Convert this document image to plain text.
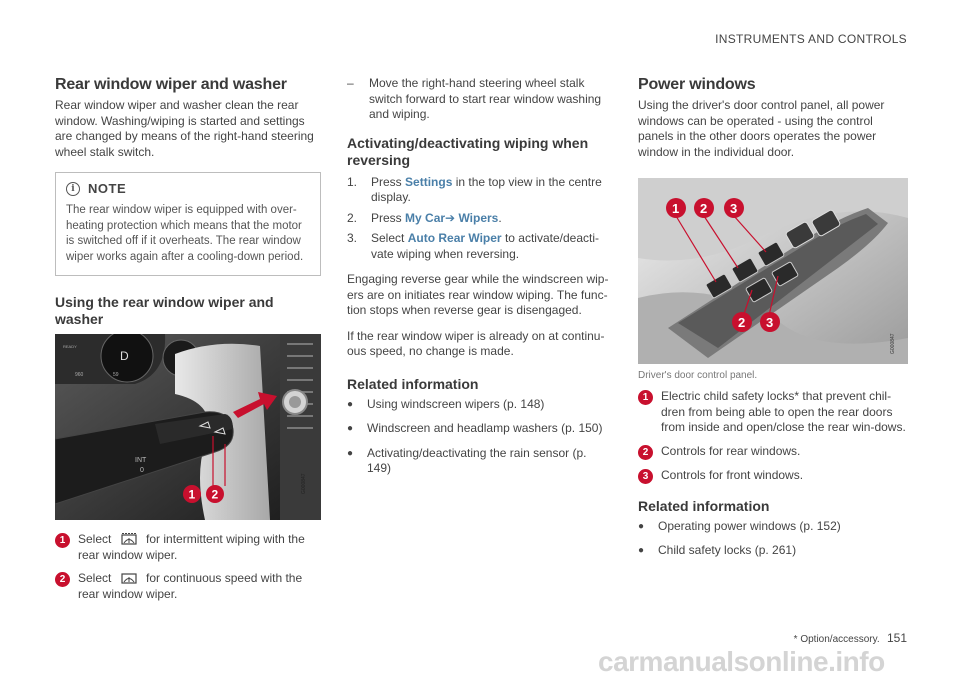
INSTRUMENTS AND CONTROLS
Rear window wiper and washer

Rear window wiper and washer clean the rear window. Washing/wiping is started and settings are changed by means of the right-hand steering wheel stalk switch.

i	NOTE

The rear window wiper is equipped with over-heating protection which means that the motor is switched off if it overheats. The rear window wiper works again after a cooling-down period.

Using the rear window wiper and washer
D
READY
960	59
INT
0
1 2
G000847
1	Select	for intermittent wiping with the rear window wiper.

2	Select	for continuous speed with the rear window wiper.

–	Move the right-hand steering wheel stalk switch forward to start rear window washing and wiping.
Activating/deactivating wiping when reversing
1.	Press Settings in the top view in the centre display.
2.	Press My Car➔ Wipers.
3.	Select Auto Rear Wiper to activate/deacti-vate wiping when reversing.

Engaging reverse gear while the windscreen wip-ers are on initiates rear window wiping. The func-tion stops when reverse gear is disengaged.

If the rear window wiper is already on at continu-ous speed, no change is made.

Related information
●	Using windscreen wipers (p. 148)
●	Windscreen and headlamp washers (p. 150)
●	Activating/deactivating the rain sensor (p. 149)
Power windows

Using the driver's door control panel, all power windows can be operated - using the control panels in the other doors operates the power window in the individual door.

1 2 3
2 3
G000847
Driver's door control panel.
1	Electric child safety locks* that prevent chil-dren from being able to open the rear doors from inside and open/close the rear win-dows.

2	Controls for rear windows.

3	Controls for front windows.

Related information
●	Operating power windows (p. 152)
●	Child safety locks (p. 261)
* Option/accessory. 151
carmanualsonline.info
